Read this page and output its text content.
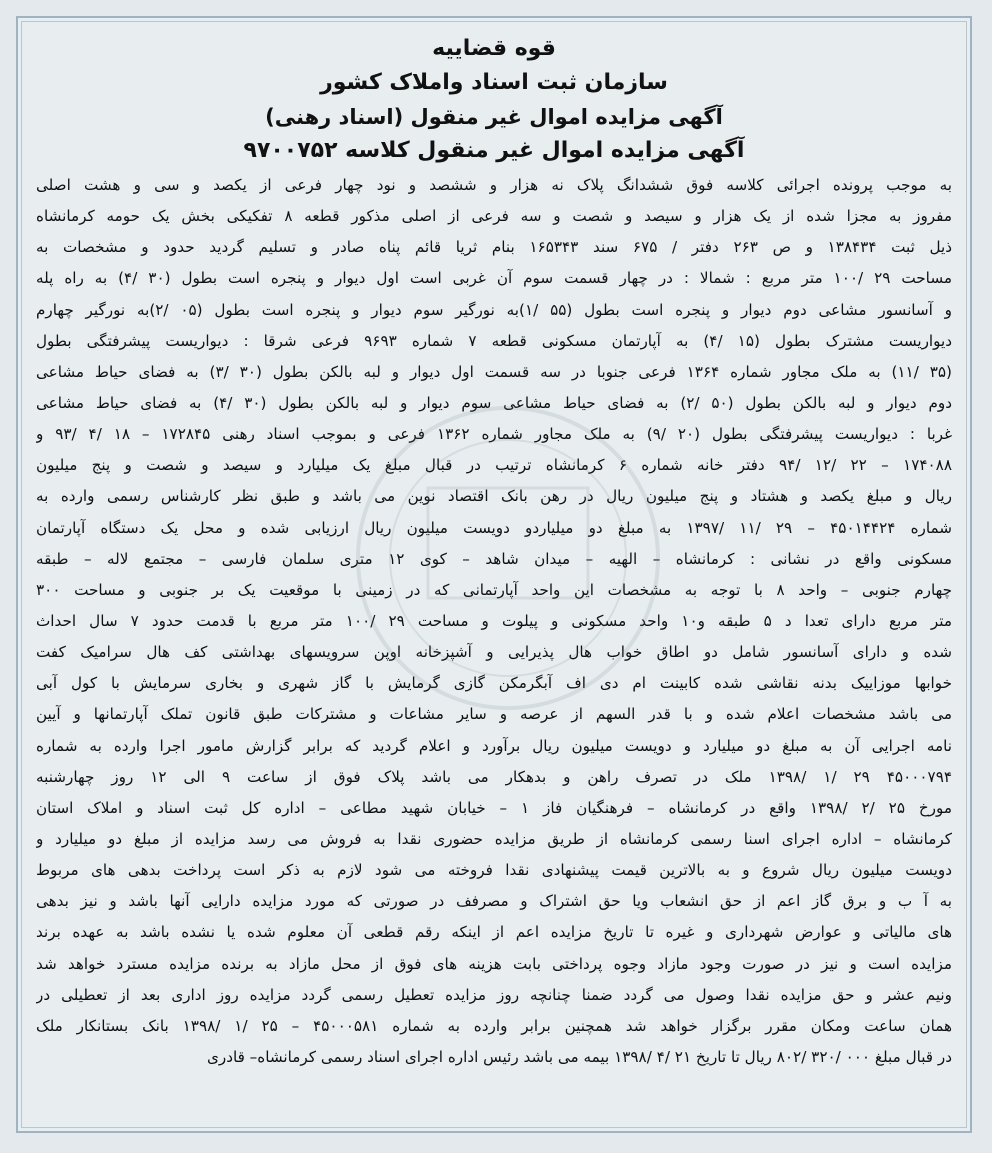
قوه قضاییه
سازمان ثبت اسناد واملاک کشور
آگهی مزایده اموال غیر منقول (اسناد رهنی)
آگهی مزایده اموال غیر منقول کلاسه ۹۷۰۰۷۵۲
به موجب پرونده اجرائی کلاسه فوق ششدانگ پلاک نه هزار و ششصد و نود چهار فرعی از یکصد و سی و هشت اصلی
مفروز به مجزا شده از یک هزار و سیصد و شصت و سه فرعی از اصلی مذکور قطعه ۸ تفکیکی بخش یک حومه کرمانشاه
ذیل ثبت ۱۳۸۴۳۴ و ص ۲۶۳ دفتر / ۶۷۵ سند ۱۶۵۳۴۳ بنام ثریا قائم پناه صادر و تسلیم گردید حدود و مشخصات به
مساحت ۲۹ /۱۰۰ متر مربع : شمالا : در چهار قسمت سوم آن غربی است اول دیوار و پنجره است بطول (۳۰ /۴) به راه پله
و آسانسور مشاعی دوم دیوار و پنجره است بطول (۵۵ /۱)به نورگیر سوم دیوار و پنجره است بطول (۰۵ /۲)به نورگیر چهارم
دیواریست مشترک بطول (۱۵ /۴) به آپارتمان مسکونی قطعه ۷ شماره ۹۶۹۳ فرعی شرقا : دیواریست پیشرفتگی بطول
(۳۵ /۱۱) به ملک مجاور شماره ۱۳۶۴ فرعی جنوبا در سه قسمت اول دیوار و لبه بالکن بطول (۳۰ /۳) به فضای حیاط مشاعی
دوم دیوار و لبه بالکن بطول (۵۰ /۲) به فضای حیاط مشاعی سوم دیوار و لبه بالکن بطول (۳۰ /۴) به فضای حیاط مشاعی
غربا : دیواریست پیشرفتگی بطول (۲۰ /۹) به ملک مجاور شماره ۱۳۶۲ فرعی و بموجب اسناد رهنی ۱۷۲۸۴۵ – ۱۸ /۴ /۹۳ و
۱۷۴۰۸۸ – ۲۲ /۱۲ /۹۴ دفتر خانه شماره ۶ کرمانشاه ترتیب در قبال مبلغ یک میلیارد و سیصد و شصت و پنج میلیون
ریال و مبلغ یکصد و هشتاد و پنج میلیون ریال در رهن بانک اقتصاد نوین می باشد و طبق نظر کارشناس رسمی وارده به
شماره ۴۵۰۱۴۴۲۴ – ۲۹ /۱۱ /۱۳۹۷ به مبلغ دو میلیاردو دویست میلیون ریال ارزیابی شده و محل یک دستگاه آپارتمان
مسکونی واقع در نشانی : کرمانشاه – الهیه – میدان شاهد – کوی ۱۲ متری سلمان فارسی – مجتمع لاله – طبقه
چهارم جنوبی – واحد ۸ با توجه به مشخصات این واحد آپارتمانی که در زمینی با موقعیت یک بر جنوبی و مساحت ۳۰۰
متر مربع دارای تعدا د ۵ طبقه و۱۰ واحد مسکونی و پیلوت و مساحت ۲۹ /۱۰۰ متر مربع با قدمت حدود ۷ سال احداث
شده و دارای آسانسور شامل دو اطاق خواب هال پذیرایی و آشپزخانه اوپن سرویسهای بهداشتی کف هال سرامیک کفت
خوابها موزاییک بدنه نقاشی شده کابینت ام دی اف آبگرمکن گازی گرمایش با گاز شهری و بخاری سرمایش با کول آبی
می باشد مشخصات اعلام شده و با قدر السهم از عرصه و سایر مشاعات و مشترکات طبق قانون تملک آپارتمانها و آیین
نامه اجرایی آن به مبلغ دو میلیارد و دویست میلیون ریال برآورد و اعلام گردید که برابر گزارش مامور اجرا وارده به شماره
۴۵۰۰۰۷۹۴ ۲۹ /۱ /۱۳۹۸ ملک در تصرف راهن و بدهکار می باشد پلاک فوق از ساعت ۹ الی ۱۲ روز چهارشنبه
مورخ ۲۵ /۲ /۱۳۹۸ واقع در کرمانشاه – فرهنگیان فاز ۱ – خیابان شهید مطاعی – اداره کل ثبت اسناد و املاک استان
کرمانشاه – اداره اجرای اسنا رسمی کرمانشاه از طریق مزایده حضوری نقدا به فروش می رسد مزایده از مبلغ دو میلیارد و
دویست میلیون ریال شروع و به بالاترین قیمت پیشنهادی نقدا فروخته می شود لازم به ذکر است پرداخت بدهی های مربوط
به آ ب و برق گاز اعم از حق انشعاب ویا حق اشتراک و مصرفف در صورتی که مورد مزایده دارایی آنها باشد و نیز بدهی
های مالیاتی و عوارض شهرداری و غیره تا تاریخ مزایده اعم از اینکه رقم قطعی آن معلوم شده یا نشده باشد به عهده برند
مزایده است و نیز در صورت وجود مازاد وجوه پرداختی بابت هزینه های فوق از محل مازاد به برنده مزایده مسترد خواهد شد
ونیم عشر و حق مزایده نقدا وصول می گردد ضمنا چنانچه روز مزایده تعطیل رسمی گردد مزایده روز اداری بعد از تعطیلی در
همان ساعت ومکان مقرر برگزار خواهد شد همچنین برابر وارده به شماره ۴۵۰۰۰۵۸۱ – ۲۵ /۱ /۱۳۹۸ بانک بستانکار ملک
در قبال مبلغ ۰۰۰ /۳۲۰ /۸۰۲ ریال تا تاریخ ۲۱ /۴ /۱۳۹۸ بیمه می باشد رئیس اداره اجرای اسناد رسمی کرمانشاه– قادری
